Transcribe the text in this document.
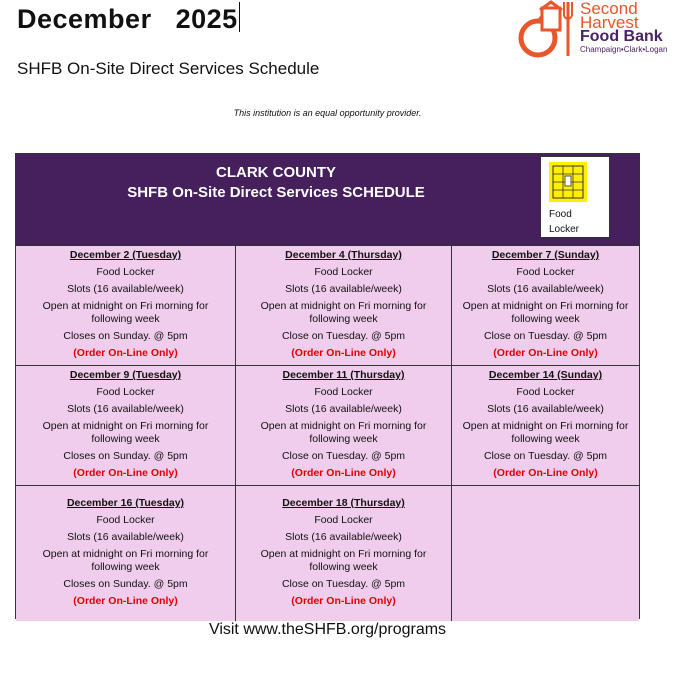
December 2025
SHFB On-Site Direct Services Schedule
Second
Harvest
Food Bank
Champaign•Clark•Logan
This institution is an equal opportunity provider.
CLARK COUNTY
SHFB On-Site Direct Services SCHEDULE
Food
Locker
December 2 (Tuesday)
Food Locker
Slots (16 available/week)
Open at midnight on Fri morning for following week
Closes on Sunday. @ 5pm
(Order On-Line Only)
December 4 (Thursday)
Food Locker
Slots (16 available/week)
Open at midnight on Fri morning for following week
Close on Tuesday. @ 5pm
(Order On-Line Only)
December 7 (Sunday)
Food Locker
Slots (16 available/week)
Open at midnight on Fri morning for following week
Close on Tuesday. @ 5pm
(Order On-Line Only)
December 9 (Tuesday)
Food Locker
Slots (16 available/week)
Open at midnight on Fri morning for following week
Closes on Sunday. @ 5pm
(Order On-Line Only)
December 11 (Thursday)
Food Locker
Slots (16 available/week)
Open at midnight on Fri morning for following week
Close on Tuesday. @ 5pm
(Order On-Line Only)
December 14 (Sunday)
Food Locker
Slots (16 available/week)
Open at midnight on Fri morning for following week
Close on Tuesday. @ 5pm
(Order On-Line Only)
December 16 (Tuesday)
Food Locker
Slots (16 available/week)
Open at midnight on Fri morning for following week
Closes on Sunday. @ 5pm
(Order On-Line Only)
December 18 (Thursday)
Food Locker
Slots (16 available/week)
Open at midnight on Fri morning for following week
Close on Tuesday. @ 5pm
(Order On-Line Only)
Visit www.theSHFB.org/programs
